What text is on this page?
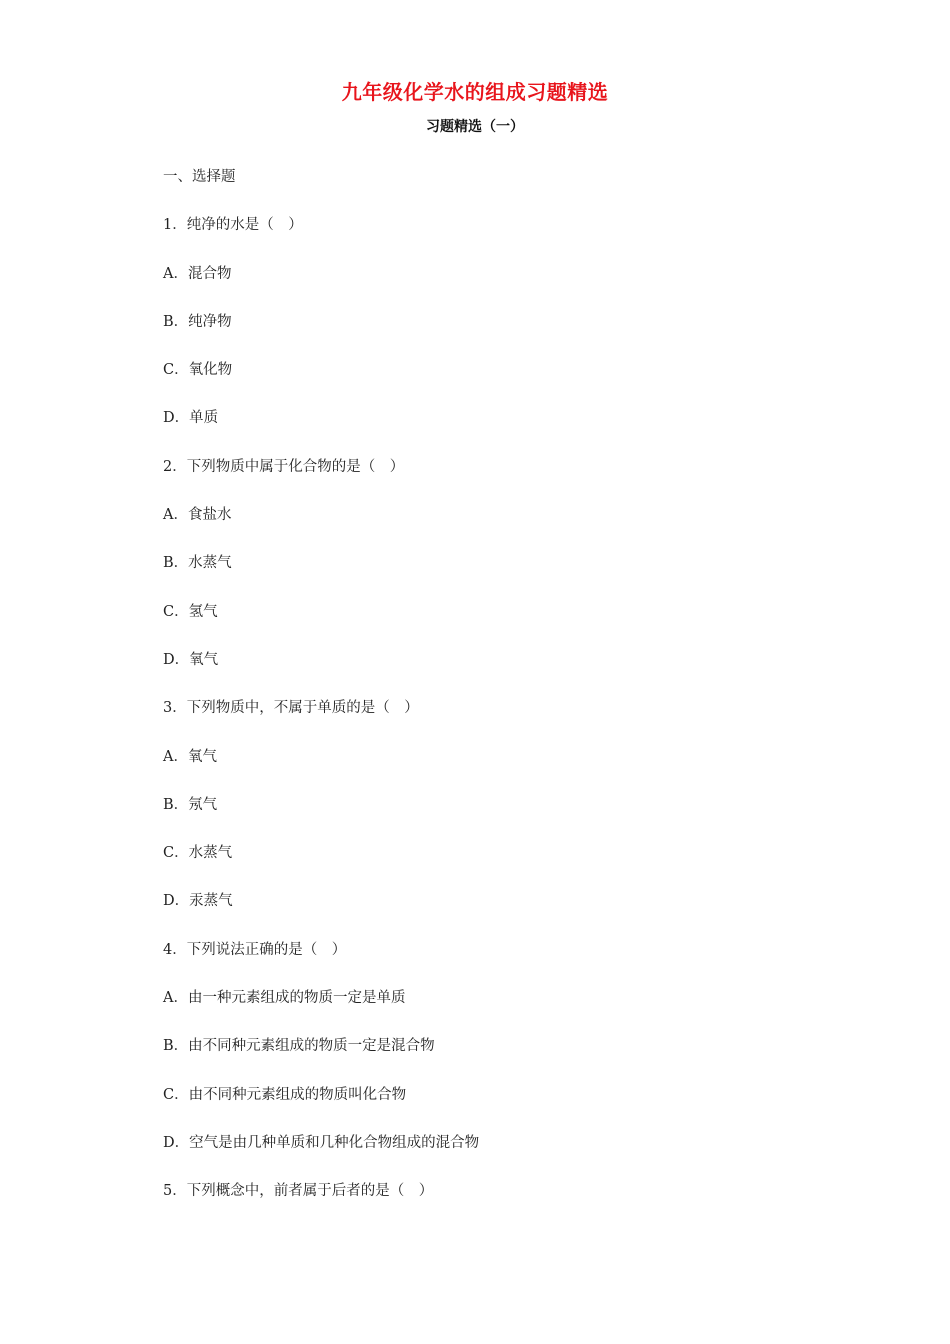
九年级化学水的组成习题精选
习题精选（一）
一、选择题
1．纯净的水是（　）
A．混合物
B．纯净物
C．氧化物
D．单质
2．下列物质中属于化合物的是（　）
A．食盐水
B．水蒸气
C．氢气
D．氧气
3．下列物质中，不属于单质的是（　）
A．氧气
B．氖气
C．水蒸气
D．汞蒸气
4．下列说法正确的是（　）
A．由一种元素组成的物质一定是单质
B．由不同种元素组成的物质一定是混合物
C．由不同种元素组成的物质叫化合物
D．空气是由几种单质和几种化合物组成的混合物
5．下列概念中，前者属于后者的是（　）
